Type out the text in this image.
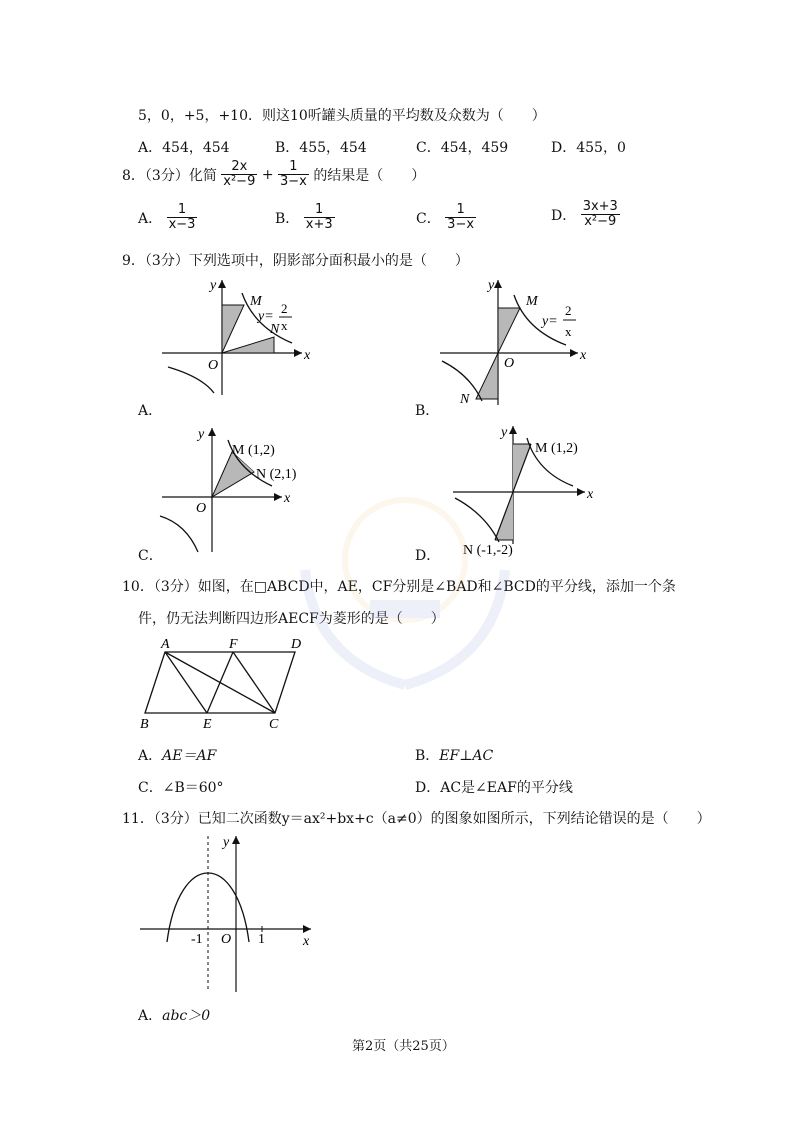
5，0，+5，+10．则这10听罐头质量的平均数及众数为（　　）
A．454，454	B．455，454	C．454，459	D．455，0
8．（3分）化简 $\frac{2x}{\text{x²−9}} + \frac{1}{3-x}$ 的结果是（　　）
A． $\frac{1}{x-3}$	B． $\frac{1}{x+3}$	C． $\frac{1}{3-x}$	D． $\frac{3x+3}{\text{x²−9}}$
9．（3分）下列选项中，阴影部分面积最小的是（　　）
y
x
O
M
N
y=
2
x
A．
y
x
O
M
N
y=
2
x
B．
y
x
O
M (1,2)
N (2,1)
C．
y
x
M (1,2)
N (-1,-2)
D．
10．（3分）如图，在□ABCD中，AE，CF分别是∠BAD和∠BCD的平分线，添加一个条
件，仍无法判断四边形AECF为菱形的是（　　）
A	F	D
B	E	C
A．AE＝AF	B．EF⊥AC
C．∠B＝60°	D．AC是∠EAF的平分线
11．（3分）已知二次函数y＝ax²+bx+c（a≠0）的图象如图所示，下列结论错误的是（　　）
y
x
O
-1	1
A．abc＞0
第2页（共25页）
